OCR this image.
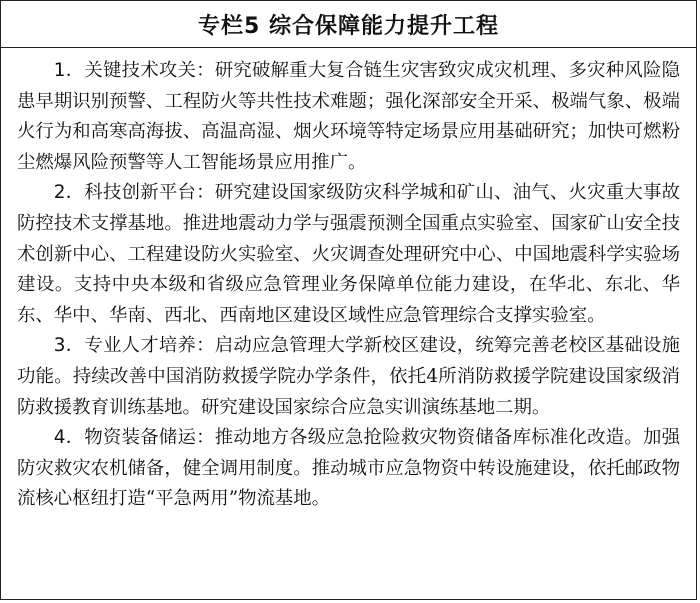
专栏5 综合保障能力提升工程

1．关键技术攻关：研究破解重大复合链生灾害致灾成灾机理、多灾种风险隐患早期识别预警、工程防火等共性技术难题；强化深部安全开采、极端气象、极端火行为和高寒高海拔、高温高湿、烟火环境等特定场景应用基础研究；加快可燃粉尘燃爆风险预警等人工智能场景应用推广。

2．科技创新平台：研究建设国家级防灾科学城和矿山、油气、火灾重大事故防控技术支撑基地。推进地震动力学与强震预测全国重点实验室、国家矿山安全技术创新中心、工程建设防火实验室、火灾调查处理研究中心、中国地震科学实验场建设。支持中央本级和省级应急管理业务保障单位能力建设，在华北、东北、华东、华中、华南、西北、西南地区建设区域性应急管理综合支撑实验室。

3．专业人才培养：启动应急管理大学新校区建设，统筹完善老校区基础设施功能。持续改善中国消防救援学院办学条件，依托4所消防救援学院建设国家级消防救援教育训练基地。研究建设国家综合应急实训演练基地二期。

4．物资装备储运：推动地方各级应急抢险救灾物资储备库标准化改造。加强防灾救灾农机储备，健全调用制度。推动城市应急物资中转设施建设，依托邮政物流核心枢纽打造“平急两用”物流基地。
